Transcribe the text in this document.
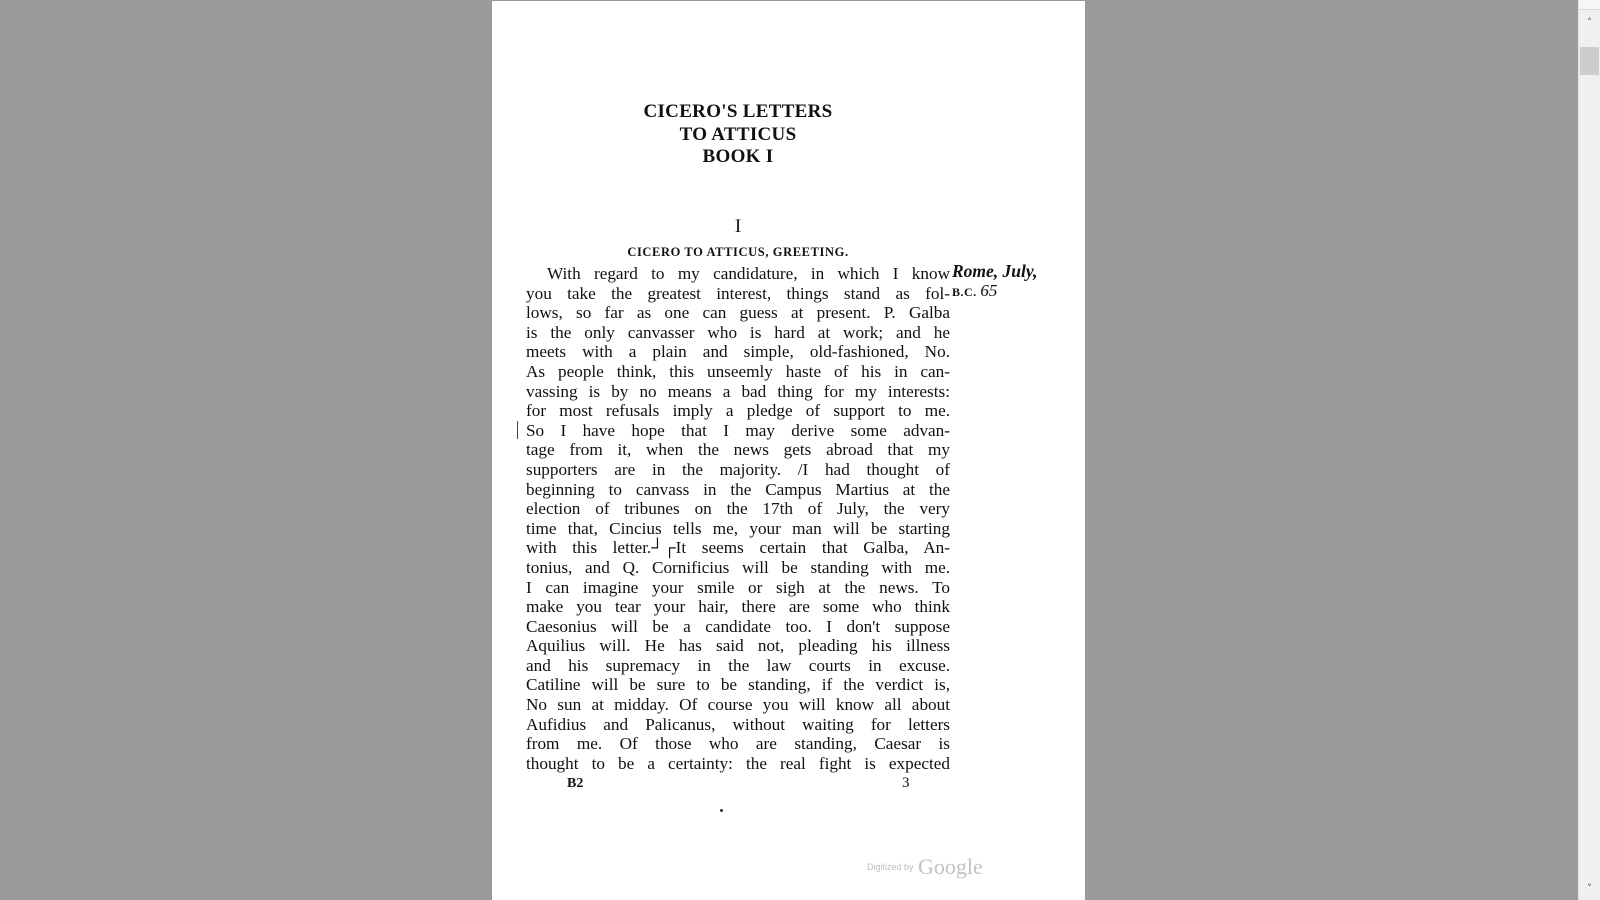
CICERO'S LETTERS
TO ATTICUS
BOOK I
I
CICERO TO ATTICUS, GREETING.
Rome, July,
B.C. 65
With regard to my candidature, in which I know
you take the greatest interest, things stand as fol-
lows, so far as one can guess at present. P. Galba
is the only canvasser who is hard at work; and he
meets with a plain and simple, old-fashioned, No.
As people think, this unseemly haste of his in can-
vassing is by no means a bad thing for my interests:
for most refusals imply a pledge of support to me.
So I have hope that I may derive some advan-
tage from it, when the news gets abroad that my
supporters are in the majority. /I had thought of
beginning to canvass in the Campus Martius at the
election of tribunes on the 17th of July, the very
time that, Cincius tells me, your man will be starting
with this letter.┘┌It seems certain that Galba, An-
tonius, and Q. Cornificius will be standing with me.
I can imagine your smile or sigh at the news. To
make you tear your hair, there are some who think
Caesonius will be a candidate too. I don't suppose
Aquilius will. He has said not, pleading his illness
and his supremacy in the law courts in excuse.
Catiline will be sure to be standing, if the verdict is,
No sun at midday. Of course you will know all about
Aufidius and Palicanus, without waiting for letters
from me. Of those who are standing, Caesar is
thought to be a certainty: the real fight is expected
B2	3
Digitized by Google
˄
˅
